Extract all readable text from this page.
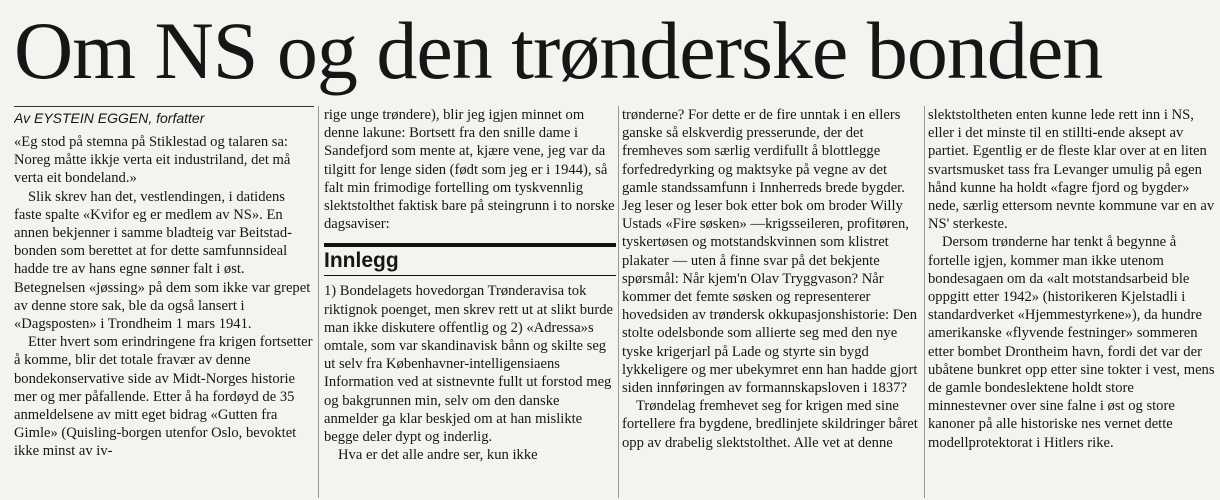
Om NS og den trønderske bonden
Av EYSTEIN EGGEN, forfatter

«Eg stod på stemna på Stiklestad og talaren sa: Noreg måtte ikkje verta eit industriland, det må verta eit bondeland.»

Slik skrev han det, vestlendingen, i datidens faste spalte «Kvifor eg er medlem av NS». En annen bekjenner i samme bladteig var Beitstad-bonden som berettet at for dette samfunnsideal hadde tre av hans egne sønner falt i øst. Betegnelsen «jøssing» på dem som ikke var grepet av denne store sak, ble da også lansert i «Dagsposten» i Trondheim 1 mars 1941.

Etter hvert som erindringene fra krigen fortsetter å komme, blir det totale fravær av denne bondekonservative side av Midt-Norges historie mer og mer påfallende. Etter å ha fordøyd de 35 anmeldelsene av mitt eget bidrag «Gutten fra Gimle» (Quisling-borgen utenfor Oslo, bevoktet ikke minst av iv-

rige unge trøndere), blir jeg igjen minnet om denne lakune: Bortsett fra den snille dame i Sandefjord som mente at, kjære vene, jeg var da tilgitt for lenge siden (født som jeg er i 1944), så falt min frimodige fortelling om tyskvennlig slektstolthet faktisk bare på steingrunn i to norske dagsaviser:

Innlegg

1) Bondelagets hovedorgan Trønderavisa tok riktignok poenget, men skrev rett ut at slikt burde man ikke diskutere offentlig og 2) «Adressa»s omtale, som var skandinavisk bånn og skilte seg ut selv fra Københavner-intelligensiaens Information ved at sistnevnte fullt ut forstod meg og bakgrunnen min, selv om den danske anmelder ga klar beskjed om at han mislikte begge deler dypt og inderlig.

Hva er det alle andre ser, kun ikke

trønderne? For dette er de fire unntak i en ellers ganske så elskverdig presserunde, der det fremheves som særlig verdifullt å blottlegge forfedredyrking og maktsyke på vegne av det gamle standssamfunn i Innherreds brede bygder. Jeg leser og leser bok etter bok om broder Willy Ustads «Fire søsken» —krigsseileren, profitøren, tyskertøsen og motstandskvinnen som klistret plakater — uten å finne svar på det bekjente spørsmål: Når kjem'n Olav Tryggvason? Når kommer det femte søsken og representerer hovedsiden av trøndersk okkupasjonshistorie: Den stolte odelsbonde som allierte seg med den nye tyske krigerjarl på Lade og styrte sin bygd lykkeligere og mer ubekymret enn han hadde gjort siden innføringen av formannskapsloven i 1837?

Trøndelag fremhevet seg for krigen med sine fortellere fra bygdene, bredlinjete skildringer båret opp av drabelig slektstolthet. Alle vet at denne

slektstoltheten enten kunne lede rett inn i NS, eller i det minste til en stillti-ende aksept av partiet. Egentlig er de fleste klar over at en liten svartsmusket tass fra Levanger umulig på egen hånd kunne ha holdt «fagre fjord og bygder» nede, særlig ettersom nevnte kommune var en av NS' sterkeste.

Dersom trønderne har tenkt å begynne å fortelle igjen, kommer man ikke utenom bondesagaen om da «alt motstandsarbeid ble oppgitt etter 1942» (historikeren Kjelstadli i standardverket «Hjemmestyrkene»), da hundre amerikanske «flyvende festninger» sommeren etter bombet Drontheim havn, fordi det var der ubåtene bunkret opp etter sine tokter i vest, mens de gamle bondeslektene holdt store minnestevner over sine falne i øst og store kanoner på alle historiske nes vernet dette modellprotektorat i Hitlers rike.
